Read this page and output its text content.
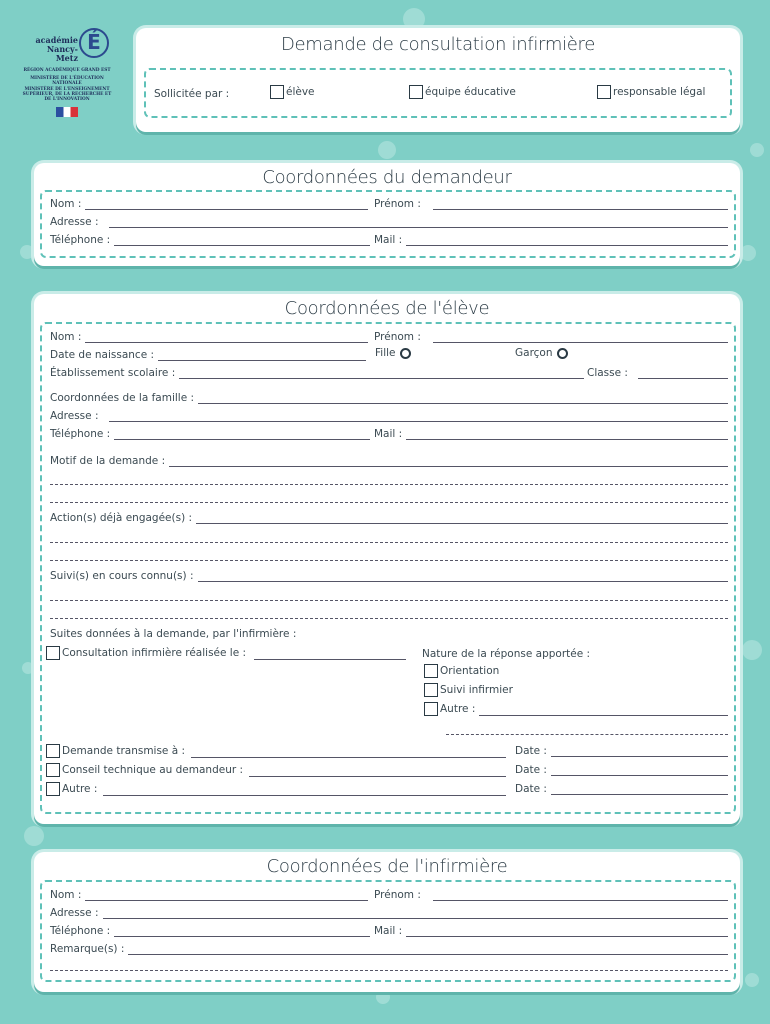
É
académie
Nancy-Metz
RÉGION ACADÉMIQUE GRAND EST
MINISTÈRE DE L'ÉDUCATION NATIONALE
MINISTÈRE DE L'ENSEIGNEMENT SUPÉRIEUR, DE LA RECHERCHE ET DE L'INNOVATION
Demande de consultation infirmière
Sollicitée par :	élève	équipe éducative	responsable légal
Coordonnées du demandeur
Nom :	Prénom :
Adresse :
Téléphone :	Mail :
Coordonnées de l'élève
Nom :	Prénom :
Date de naissance :	Fille	Garçon
Établissement scolaire :	Classe :
Coordonnées de la famille :
Adresse :
Téléphone :	Mail :
Motif de la demande :
Action(s) déjà engagée(s) :
Suivi(s) en cours connu(s) :
Suites données à la demande, par l'infirmière :
Consultation infirmière réalisée le :	Nature de la réponse apportée :
Orientation
Suivi infirmier
Autre :
Demande transmise à :	Date :
Conseil technique au demandeur :	Date :
Autre :	Date :
Coordonnées de l'infirmière
Nom :	Prénom :
Adresse :
Téléphone :	Mail :
Remarque(s) :
